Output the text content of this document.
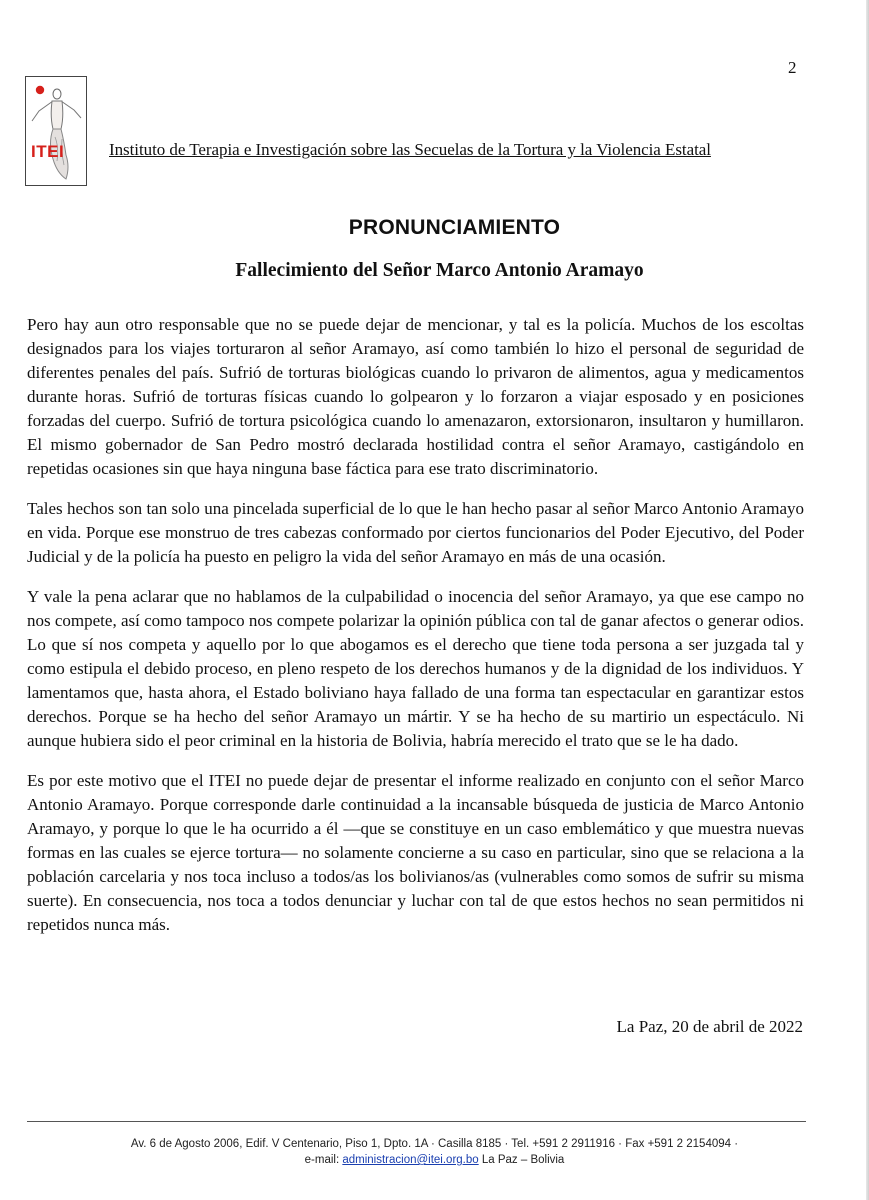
2
ITEI	Instituto de Terapia e Investigación sobre las Secuelas de la Tortura y la Violencia Estatal
PRONUNCIAMIENTO
Fallecimiento del Señor Marco Antonio Aramayo

Pero hay aun otro responsable que no se puede dejar de mencionar, y tal es la policía. Muchos de los escoltas designados para los viajes torturaron al señor Aramayo, así como también lo hizo el personal de seguridad de diferentes penales del país. Sufrió de torturas biológicas cuando lo privaron de alimentos, agua y medicamentos durante horas. Sufrió de torturas físicas cuando lo golpearon y lo forzaron a viajar esposado y en posiciones forzadas del cuerpo. Sufrió de tortura psicológica cuando lo amenazaron, extorsionaron, insultaron y humillaron. El mismo gobernador de San Pedro mostró declarada hostilidad contra el señor Aramayo, castigándolo en repetidas ocasiones sin que haya ninguna base fáctica para ese trato discriminatorio.

Tales hechos son tan solo una pincelada superficial de lo que le han hecho pasar al señor Marco Antonio Aramayo en vida. Porque ese monstruo de tres cabezas conformado por ciertos funcionarios del Poder Ejecutivo, del Poder Judicial y de la policía ha puesto en peligro la vida del señor Aramayo en más de una ocasión.

Y vale la pena aclarar que no hablamos de la culpabilidad o inocencia del señor Aramayo, ya que ese campo no nos compete, así como tampoco nos compete polarizar la opinión pública con tal de ganar afectos o generar odios. Lo que sí nos competa y aquello por lo que abogamos es el derecho que tiene toda persona a ser juzgada tal y como estipula el debido proceso, en pleno respeto de los derechos humanos y de la dignidad de los individuos. Y lamentamos que, hasta ahora, el Estado boliviano haya fallado de una forma tan espectacular en garantizar estos derechos. Porque se ha hecho del señor Aramayo un mártir. Y se ha hecho de su martirio un espectáculo. Ni aunque hubiera sido el peor criminal en la historia de Bolivia, habría merecido el trato que se le ha dado.

Es por este motivo que el ITEI no puede dejar de presentar el informe realizado en conjunto con el señor Marco Antonio Aramayo. Porque corresponde darle continuidad a la incansable búsqueda de justicia de Marco Antonio Aramayo, y porque lo que le ha ocurrido a él —que se constituye en un caso emblemático y que muestra nuevas formas en las cuales se ejerce tortura— no solamente concierne a su caso en particular, sino que se relaciona a la población carcelaria y nos toca incluso a todos/as los bolivianos/as (vulnerables como somos de sufrir su misma suerte). En consecuencia, nos toca a todos denunciar y luchar con tal de que estos hechos no sean permitidos ni repetidos nunca más.

La Paz, 20 de abril de 2022
Av. 6 de Agosto 2006, Edif. V Centenario, Piso 1, Dpto. 1A · Casilla 8185 · Tel. +591 2 2911916 · Fax +591 2 2154094 ·
e-mail: administracion@itei.org.bo La Paz – Bolivia
